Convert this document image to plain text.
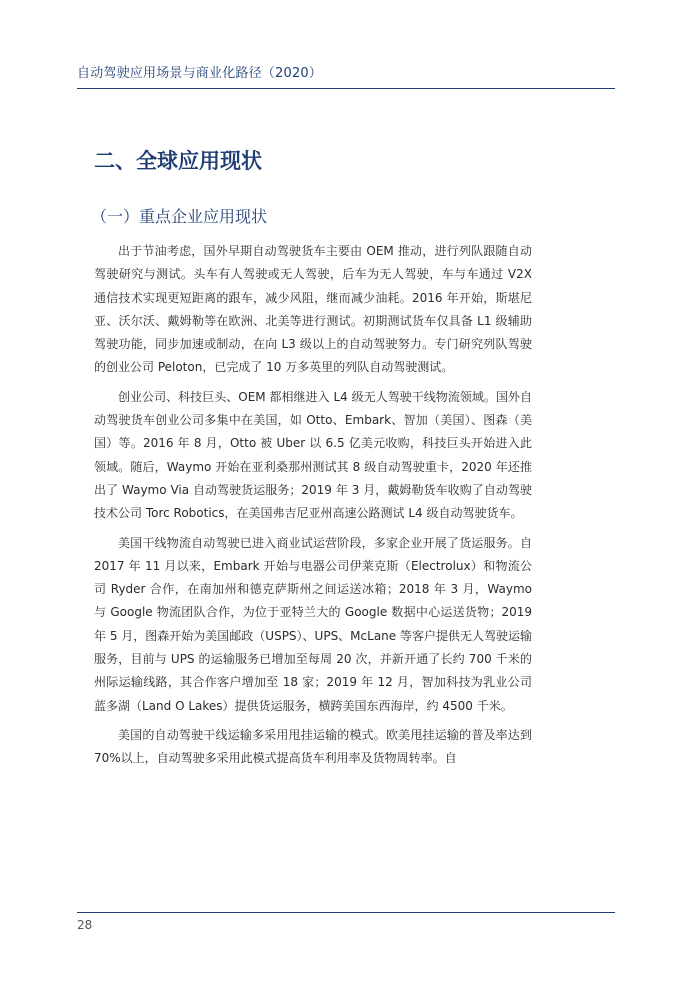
自动驾驶应用场景与商业化路径（2020）
二、全球应用现状
（一）重点企业应用现状

出于节油考虑，国外早期自动驾驶货车主要由 OEM 推动，进行列队跟随自动驾驶研究与测试。头车有人驾驶或无人驾驶，后车为无人驾驶，车与车通过 V2X 通信技术实现更短距离的跟车，减少风阻，继而减少油耗。2016 年开始，斯堪尼亚、沃尔沃、戴姆勒等在欧洲、北美等进行测试。初期测试货车仅具备 L1 级辅助驾驶功能，同步加速或制动，在向 L3 级以上的自动驾驶努力。专门研究列队驾驶的创业公司 Peloton，已完成了 10 万多英里的列队自动驾驶测试。

创业公司、科技巨头、OEM 都相继进入 L4 级无人驾驶干线物流领域。国外自动驾驶货车创业公司多集中在美国，如 Otto、Embark、智加（美国）、图森（美国）等。2016 年 8 月，Otto 被 Uber 以 6.5 亿美元收购，科技巨头开始进入此领域。随后，Waymo 开始在亚利桑那州测试其 8 级自动驾驶重卡，2020 年还推出了 Waymo Via 自动驾驶货运服务；2019 年 3 月，戴姆勒货车收购了自动驾驶技术公司 Torc Robotics，在美国弗吉尼亚州高速公路测试 L4 级自动驾驶货车。

美国干线物流自动驾驶已进入商业试运营阶段，多家企业开展了货运服务。自 2017 年 11 月以来，Embark 开始与电器公司伊莱克斯（Electrolux）和物流公司 Ryder 合作，在南加州和德克萨斯州之间运送冰箱；2018 年 3 月，Waymo 与 Google 物流团队合作，为位于亚特兰大的 Google 数据中心运送货物；2019 年 5 月，图森开始为美国邮政（USPS）、UPS、McLane 等客户提供无人驾驶运输服务，目前与 UPS 的运输服务已增加至每周 20 次，并新开通了长约 700 千米的州际运输线路，其合作客户增加至 18 家；2019 年 12 月，智加科技为乳业公司蓝多湖（Land O Lakes）提供货运服务，横跨美国东西海岸，约 4500 千米。

美国的自动驾驶干线运输多采用甩挂运输的模式。欧美甩挂运输的普及率达到 70%以上，自动驾驶多采用此模式提高货车利用率及货物周转率。自

28
